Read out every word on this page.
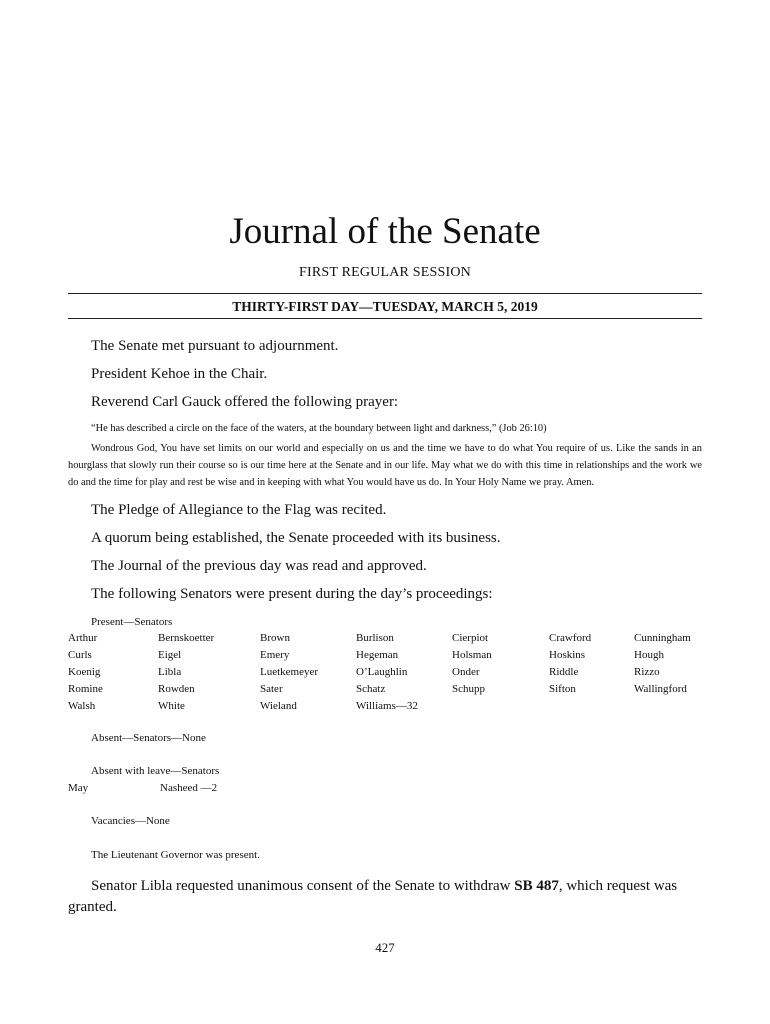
Journal of the Senate
FIRST REGULAR SESSION
THIRTY-FIRST DAY—TUESDAY, MARCH 5, 2019
The Senate met pursuant to adjournment.
President Kehoe in the Chair.
Reverend Carl Gauck offered the following prayer:
“He has described a circle on the face of the waters, at the boundary between light and darkness,” (Job 26:10)
Wondrous God, You have set limits on our world and especially on us and the time we have to do what You require of us. Like the sands in an hourglass that slowly run their course so is our time here at the Senate and in our life. May what we do with this time in relationships and the work we do and the time for play and rest be wise and in keeping with what You would have us do. In Your Holy Name we pray. Amen.
The Pledge of Allegiance to the Flag was recited.
A quorum being established, the Senate proceeded with its business.
The Journal of the previous day was read and approved.
The following Senators were present during the day’s proceedings:
Present—Senators
Arthur	Bernskoetter	Brown	Burlison	Cierpiot	Crawford	Cunningham
Curls	Eigel	Emery	Hegeman	Holsman	Hoskins	Hough
Koenig	Libla	Luetkemeyer	O’Laughlin	Onder	Riddle	Rizzo
Romine	Rowden	Sater	Schatz	Schupp	Sifton	Wallingford
Walsh	White	Wieland	Williams—32
Absent—Senators—None
Absent with leave—Senators
May	Nasheed —2
Vacancies—None
The Lieutenant Governor was present.
Senator Libla requested unanimous consent of the Senate to withdraw SB 487, which request was granted.
427
